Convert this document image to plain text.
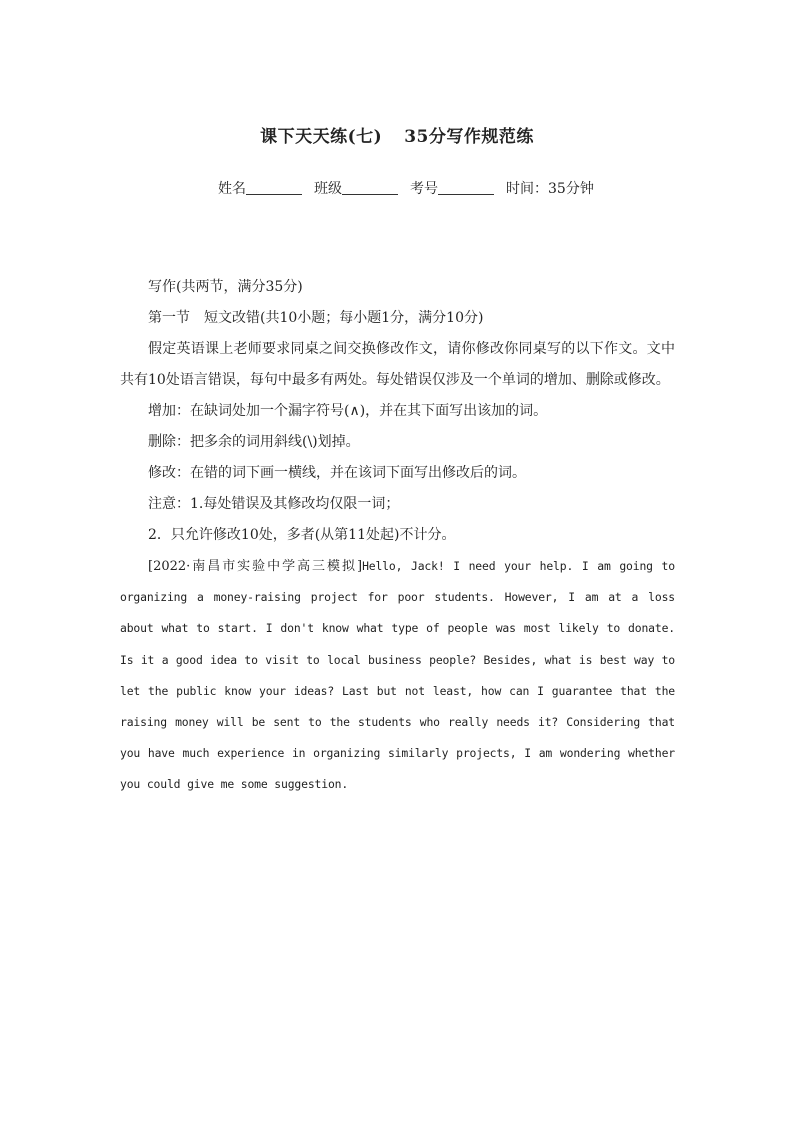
课下天天练(七) 35分写作规范练
姓名	班级	考号	时间：35分钟

写作(共两节，满分35分)

第一节　短文改错(共10小题；每小题1分，满分10分)

假定英语课上老师要求同桌之间交换修改作文，请你修改你同桌写的以下作文。文中共有10处语言错误，每句中最多有两处。每处错误仅涉及一个单词的增加、删除或修改。

增加：在缺词处加一个漏字符号(∧)，并在其下面写出该加的词。

删除：把多余的词用斜线(\)划掉。

修改：在错的词下画一横线，并在该词下面写出修改后的词。

注意：1.每处错误及其修改均仅限一词；

2．只允许修改10处，多者(从第11处起)不计分。

[2022·南昌市实验中学高三模拟]Hello, Jack! I need your help. I am going to organizing a money-raising project for poor students. However, I am at a loss about what to start. I don't know what type of people was most likely to donate. Is it a good idea to visit to local business people? Besides, what is best way to let the public know your ideas? Last but not least, how can I guarantee that the raising money will be sent to the students who really needs it? Considering that you have much experience in organizing similarly projects, I am wondering whether you could give me some suggestion.
